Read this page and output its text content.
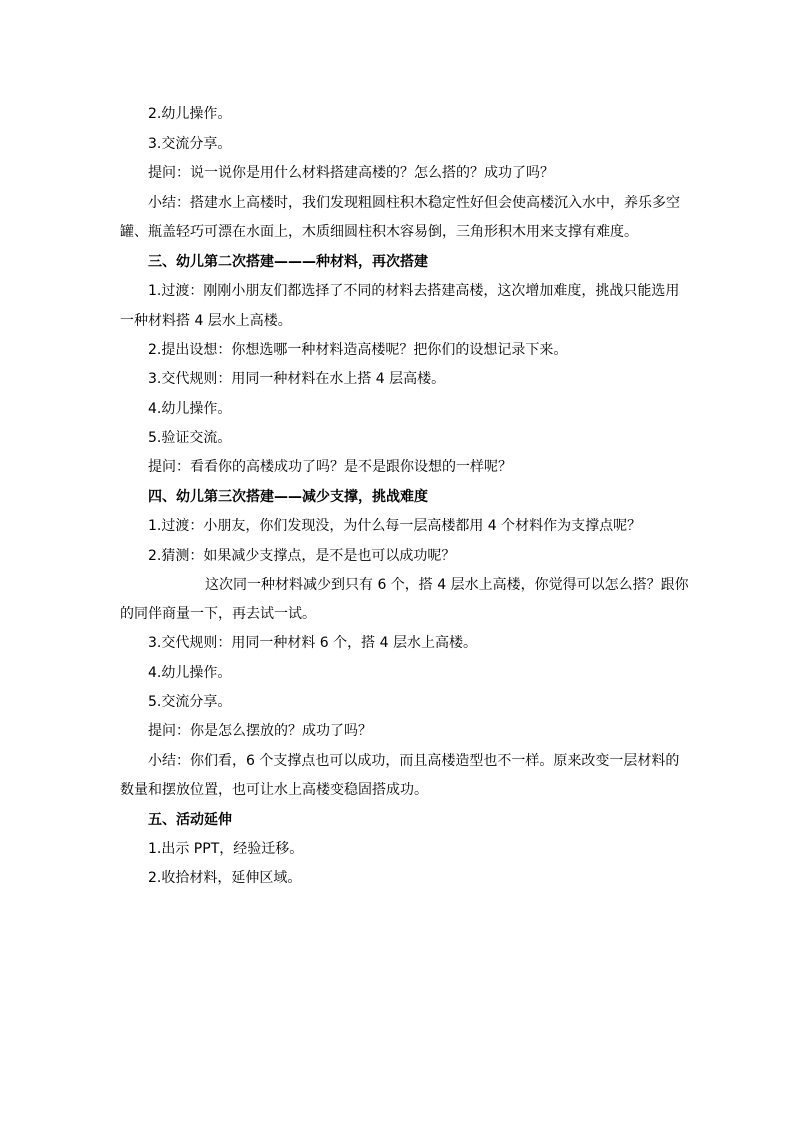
2.幼儿操作。
3.交流分享。
提问：说一说你是用什么材料搭建高楼的？怎么搭的？成功了吗？
小结：搭建水上高楼时，我们发现粗圆柱积木稳定性好但会使高楼沉入水中，养乐多空
罐、瓶盖轻巧可漂在水面上，木质细圆柱积木容易倒，三角形积木用来支撑有难度。
三、幼儿第二次搭建———种材料，再次搭建
1.过渡：刚刚小朋友们都选择了不同的材料去搭建高楼，这次增加难度，挑战只能选用
一种材料搭 4 层水上高楼。
2.提出设想：你想选哪一种材料造高楼呢？把你们的设想记录下来。
3.交代规则：用同一种材料在水上搭 4 层高楼。
4.幼儿操作。
5.验证交流。
提问：看看你的高楼成功了吗？是不是跟你设想的一样呢？
四、幼儿第三次搭建——减少支撑，挑战难度
1.过渡：小朋友，你们发现没，为什么每一层高楼都用 4 个材料作为支撑点呢？
2.猜测：如果减少支撑点，是不是也可以成功呢？
这次同一种材料减少到只有 6 个，搭 4 层水上高楼，你觉得可以怎么搭？跟你
的同伴商量一下，再去试一试。
3.交代规则：用同一种材料 6 个，搭 4 层水上高楼。
4.幼儿操作。
5.交流分享。
提问：你是怎么摆放的？成功了吗？
小结：你们看，6 个支撑点也可以成功，而且高楼造型也不一样。原来改变一层材料的
数量和摆放位置，也可让水上高楼变稳固搭成功。
五、活动延伸
1.出示 PPT，经验迁移。
2.收拾材料，延伸区域。
